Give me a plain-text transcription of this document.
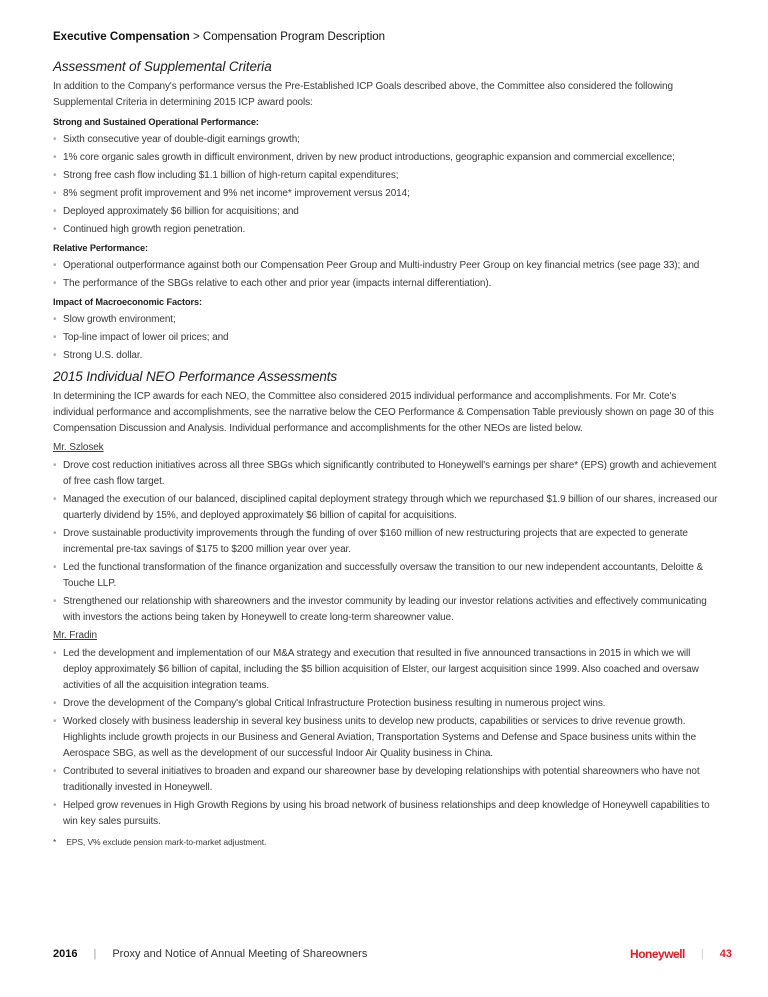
Executive Compensation > Compensation Program Description
Assessment of Supplemental Criteria

In addition to the Company's performance versus the Pre-Established ICP Goals described above, the Committee also considered the following Supplemental Criteria in determining 2015 ICP award pools:

Strong and Sustained Operational Performance:
• Sixth consecutive year of double-digit earnings growth;
• 1% core organic sales growth in difficult environment, driven by new product introductions, geographic expansion and commercial excellence;
• Strong free cash flow including $1.1 billion of high-return capital expenditures;
• 8% segment profit improvement and 9% net income* improvement versus 2014;
• Deployed approximately $6 billion for acquisitions; and
• Continued high growth region penetration.
Relative Performance:
• Operational outperformance against both our Compensation Peer Group and Multi-industry Peer Group on key financial metrics (see page 33); and
• The performance of the SBGs relative to each other and prior year (impacts internal differentiation).
Impact of Macroeconomic Factors:
• Slow growth environment;
• Top-line impact of lower oil prices; and
• Strong U.S. dollar.
2015 Individual NEO Performance Assessments

In determining the ICP awards for each NEO, the Committee also considered 2015 individual performance and accomplishments. For Mr. Cote's individual performance and accomplishments, see the narrative below the CEO Performance & Compensation Table previously shown on page 30 of this Compensation Discussion and Analysis. Individual performance and accomplishments for the other NEOs are listed below.

Mr. Szlosek
• Drove cost reduction initiatives across all three SBGs which significantly contributed to Honeywell's earnings per share* (EPS) growth and achievement of free cash flow target.
• Managed the execution of our balanced, disciplined capital deployment strategy through which we repurchased $1.9 billion of our shares, increased our quarterly dividend by 15%, and deployed approximately $6 billion of capital for acquisitions.
• Drove sustainable productivity improvements through the funding of over $160 million of new restructuring projects that are expected to generate incremental pre-tax savings of $175 to $200 million year over year.
• Led the functional transformation of the finance organization and successfully oversaw the transition to our new independent accountants, Deloitte & Touche LLP.
• Strengthened our relationship with shareowners and the investor community by leading our investor relations activities and effectively communicating with investors the actions being taken by Honeywell to create long-term shareowner value.
Mr. Fradin
• Led the development and implementation of our M&A strategy and execution that resulted in five announced transactions in 2015 in which we will deploy approximately $6 billion of capital, including the $5 billion acquisition of Elster, our largest acquisition since 1999. Also coached and oversaw activities of all the acquisition integration teams.
• Drove the development of the Company's global Critical Infrastructure Protection business resulting in numerous project wins.
• Worked closely with business leadership in several key business units to develop new products, capabilities or services to drive revenue growth. Highlights include growth projects in our Business and General Aviation, Transportation Systems and Defense and Space business units within the Aerospace SBG, as well as the development of our successful Indoor Air Quality business in China.
• Contributed to several initiatives to broaden and expand our shareowner base by developing relationships with potential shareowners who have not traditionally invested in Honeywell.
• Helped grow revenues in High Growth Regions by using his broad network of business relationships and deep knowledge of Honeywell capabilities to win key sales pursuits.
* EPS, V% exclude pension mark-to-market adjustment.
2016 | Proxy and Notice of Annual Meeting of Shareowners	Honeywell | 43
